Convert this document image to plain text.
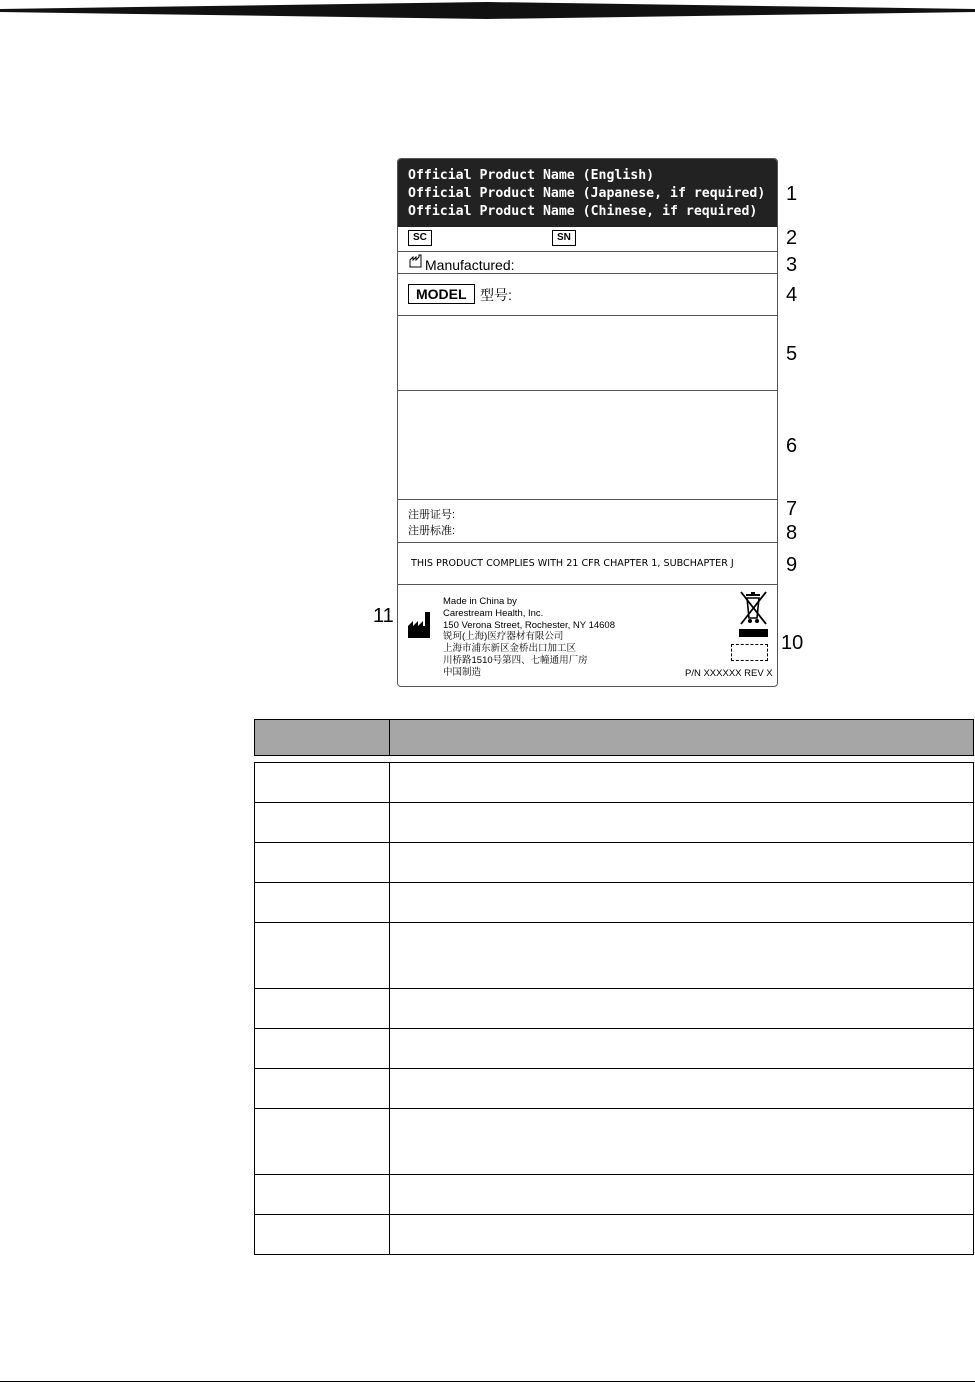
Official Product Name (English)
Official Product Name (Japanese, if required)
Official Product Name (Chinese, if required)
SC	SN
Manufactured:
MODEL 型号:
注册证号:
注册标准:
THIS PRODUCT COMPLIES WITH 21 CFR CHAPTER 1, SUBCHAPTER J
Made in China by
Carestream Health, Inc.
150 Verona Street, Rochester, NY 14608
锐珂(上海)医疗器材有限公司
上海市浦东新区金桥出口加工区
川桥路1510号第四、七幢通用厂房
中国制造	P/N XXXXXX REV X
1
2
3
4
5
6
7
8
9
10
11
